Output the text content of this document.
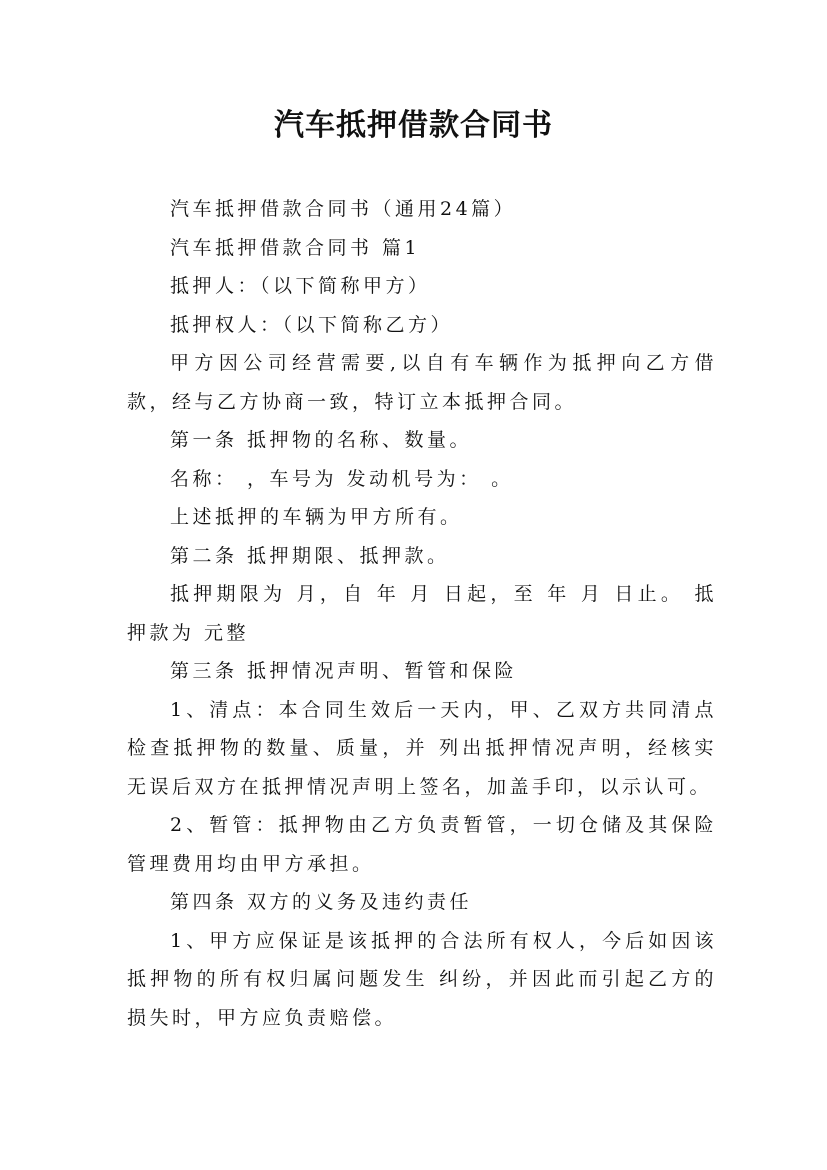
汽车抵押借款合同书

汽车抵押借款合同书（通用24篇）

汽车抵押借款合同书 篇1

抵押人：（以下简称甲方）

抵押权人：（以下简称乙方）

甲方因公司经营需要,以自有车辆作为抵押向乙方借款，经与乙方协商一致，特订立本抵押合同。

第一条 抵押物的名称、数量。

名称： ，车号为 发动机号为： 。

上述抵押的车辆为甲方所有。

第二条 抵押期限、抵押款。

抵押期限为 月，自 年 月 日起，至 年 月 日止。 抵押款为 元整

第三条 抵押情况声明、暂管和保险

1、清点：本合同生效后一天内，甲、乙双方共同清点检查抵押物的数量、质量，并 列出抵押情况声明，经核实无误后双方在抵押情况声明上签名，加盖手印，以示认可。

2、暂管：抵押物由乙方负责暂管，一切仓储及其保险管理费用均由甲方承担。

第四条 双方的义务及违约责任

1、甲方应保证是该抵押的合法所有权人，今后如因该抵押物的所有权归属问题发生 纠纷，并因此而引起乙方的损失时，甲方应负责赔偿。
